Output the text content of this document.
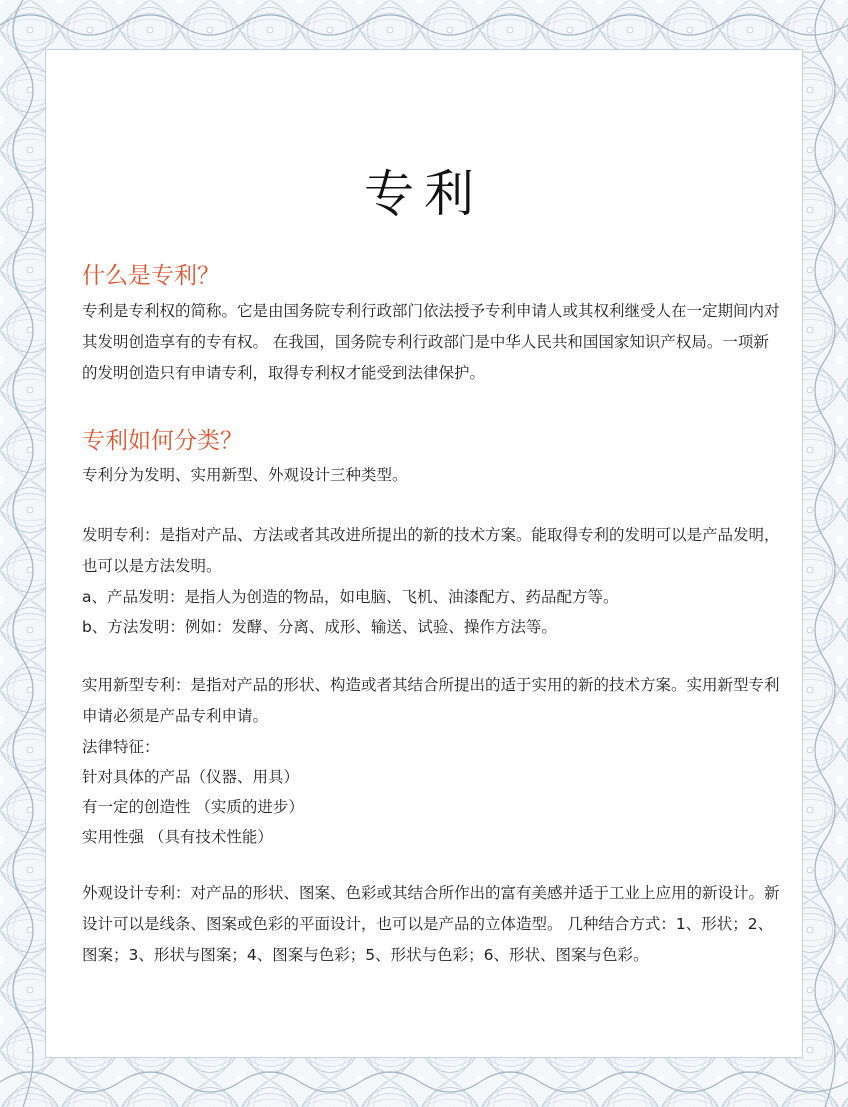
专利
什么是专利？

专利是专利权的简称。它是由国务院专利行政部门依法授予专利申请人或其权利继受人在一定期间内对其发明创造享有的专有权。 在我国，国务院专利行政部门是中华人民共和国国家知识产权局。一项新的发明创造只有申请专利，取得专利权才能受到法律保护。

专利如何分类？

专利分为发明、实用新型、外观设计三种类型。

发明专利：是指对产品、方法或者其改进所提出的新的技术方案。能取得专利的发明可以是产品发明，也可以是方法发明。

a、产品发明：是指人为创造的物品，如电脑、飞机、油漆配方、药品配方等。

b、方法发明：例如：发酵、分离、成形、输送、试验、操作方法等。

实用新型专利：是指对产品的形状、构造或者其结合所提出的适于实用的新的技术方案。实用新型专利申请必须是产品专利申请。

法律特征：

针对具体的产品（仪器、用具）

有一定的创造性 （实质的进步）

实用性强 （具有技术性能）

外观设计专利：对产品的形状、图案、色彩或其结合所作出的富有美感并适于工业上应用的新设计。新设计可以是线条、图案或色彩的平面设计，也可以是产品的立体造型。 几种结合方式：1、形状；2、图案；3、形状与图案；4、图案与色彩；5、形状与色彩；6、形状、图案与色彩。
